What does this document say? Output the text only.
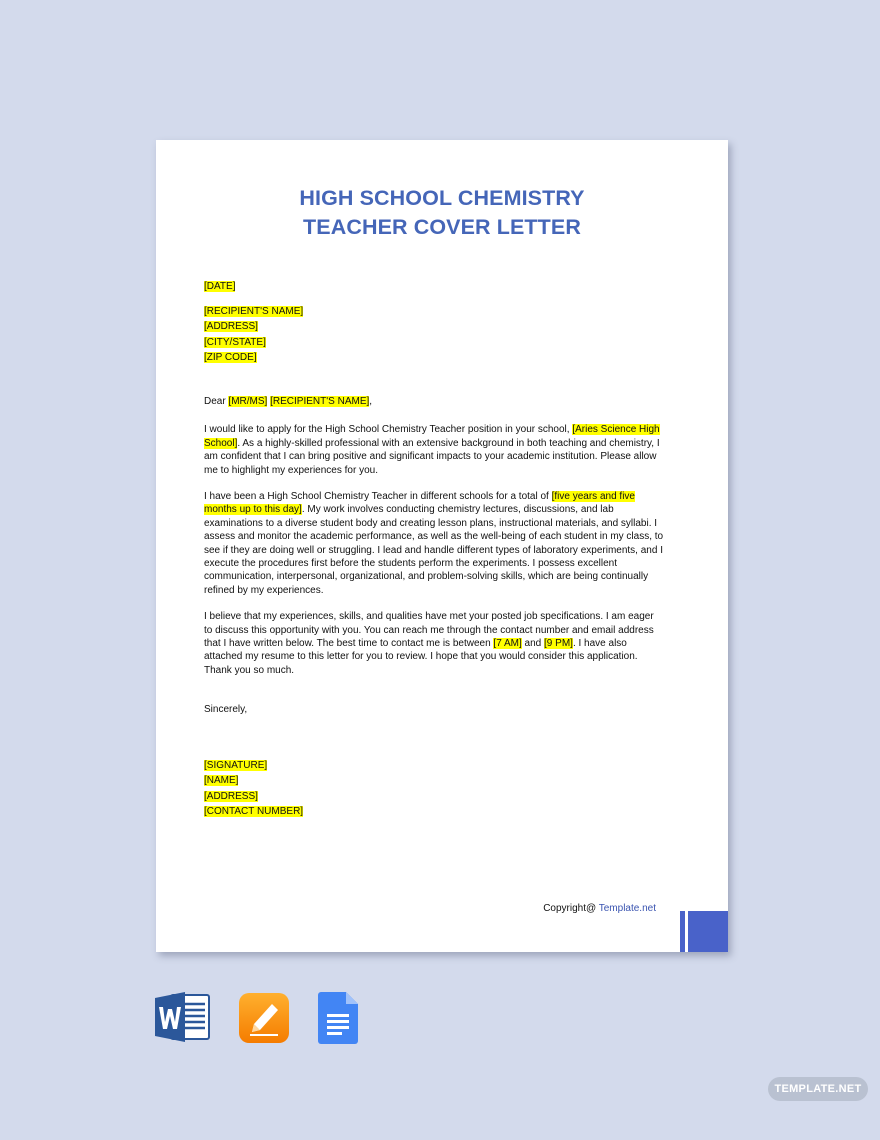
HIGH SCHOOL CHEMISTRY
TEACHER COVER LETTER
[DATE]
[RECIPIENT'S NAME]
[ADDRESS]
[CITY/STATE]
[ZIP CODE]

Dear [MR/MS] [RECIPIENT'S NAME],

I would like to apply for the High School Chemistry Teacher position in your school, [Aries Science High School]. As a highly-skilled professional with an extensive background in both teaching and chemistry, I am confident that I can bring positive and significant impacts to your academic institution. Please allow me to highlight my experiences for you.

I have been a High School Chemistry Teacher in different schools for a total of [five years and five months up to this day]. My work involves conducting chemistry lectures, discussions, and lab examinations to a diverse student body and creating lesson plans, instructional materials, and syllabi. I assess and monitor the academic performance, as well as the well-being of each student in my class, to see if they are doing well or struggling. I lead and handle different types of laboratory experiments, and I execute the procedures first before the students perform the experiments. I possess excellent communication, interpersonal, organizational, and problem-solving skills, which are being continually refined by my experiences.

I believe that my experiences, skills, and qualities have met your posted job specifications. I am eager to discuss this opportunity with you. You can reach me through the contact number and email address that I have written below. The best time to contact me is between [7 AM] and [9 PM]. I have also attached my resume to this letter for you to review. I hope that you would consider this application. Thank you so much.

Sincerely,

[SIGNATURE]
[NAME]
[ADDRESS]
[CONTACT NUMBER]
Copyright@ Template.net
TEMPLATE.NET
